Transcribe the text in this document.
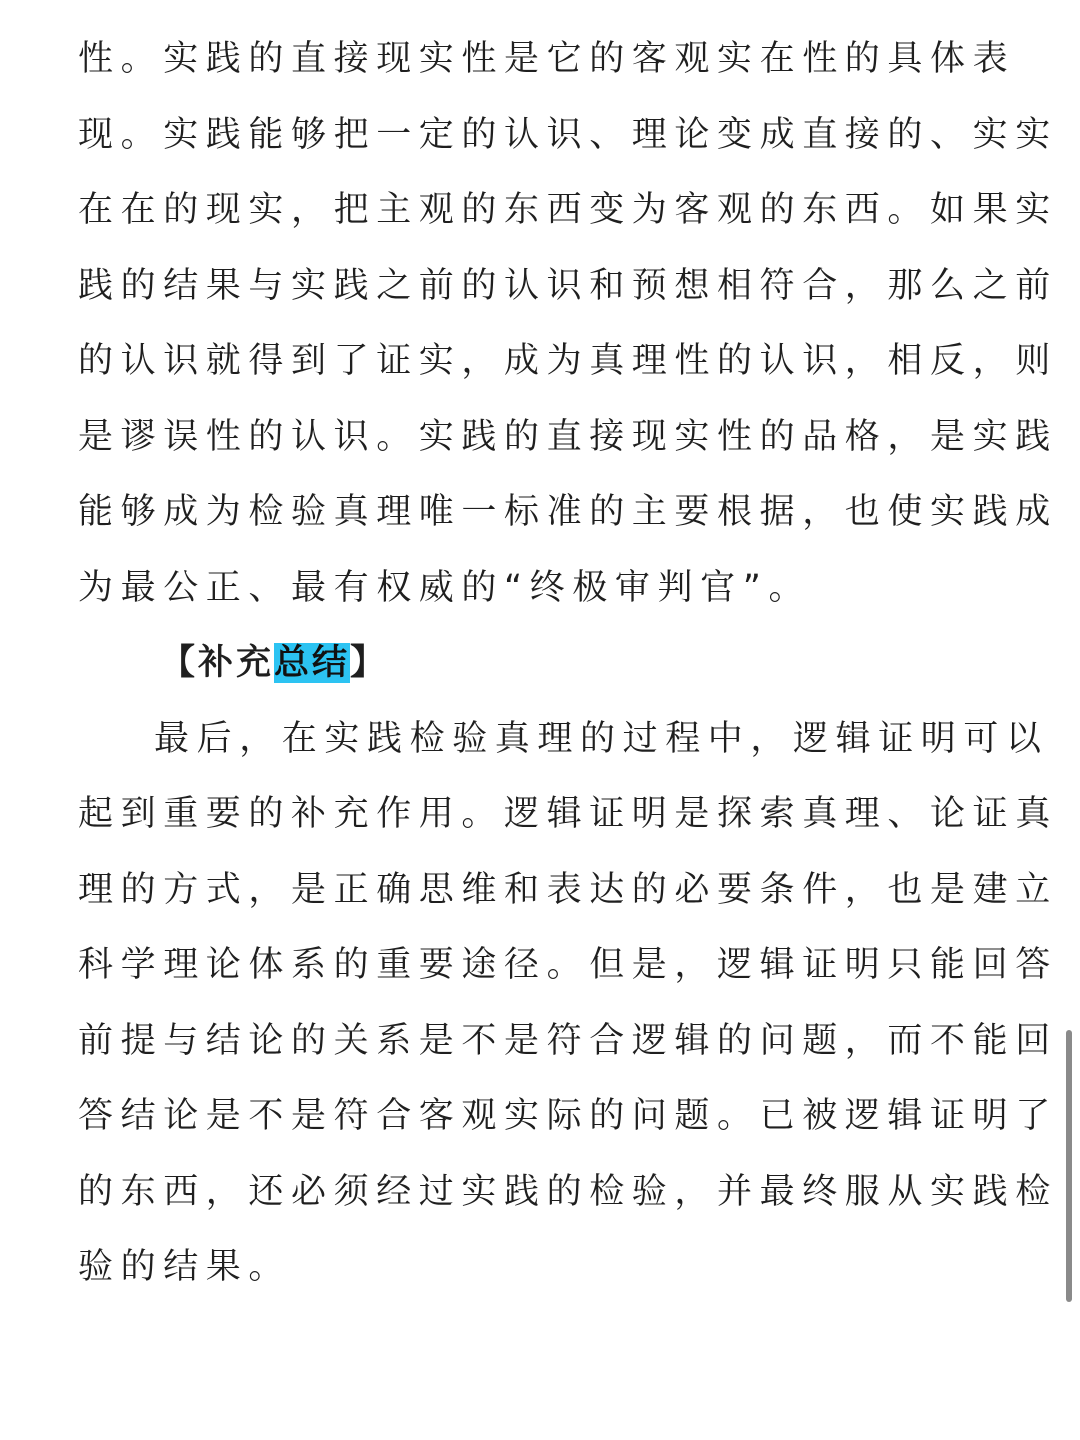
性。实践的直接现实性是它的客观实在性的具体表
现。实践能够把一定的认识、理论变成直接的、实实
在在的现实，把主观的东西变为客观的东西。如果实
践的结果与实践之前的认识和预想相符合，那么之前
的认识就得到了证实，成为真理性的认识，相反，则
是谬误性的认识。实践的直接现实性的品格，是实践
能够成为检验真理唯一标准的主要根据，也使实践成
为最公正、最有权威的“终极审判官”。
【补充总结】
最后，在实践检验真理的过程中，逻辑证明可以
起到重要的补充作用。逻辑证明是探索真理、论证真
理的方式，是正确思维和表达的必要条件，也是建立
科学理论体系的重要途径。但是，逻辑证明只能回答
前提与结论的关系是不是符合逻辑的问题，而不能回
答结论是不是符合客观实际的问题。已被逻辑证明了
的东西，还必须经过实践的检验，并最终服从实践检
验的结果。
